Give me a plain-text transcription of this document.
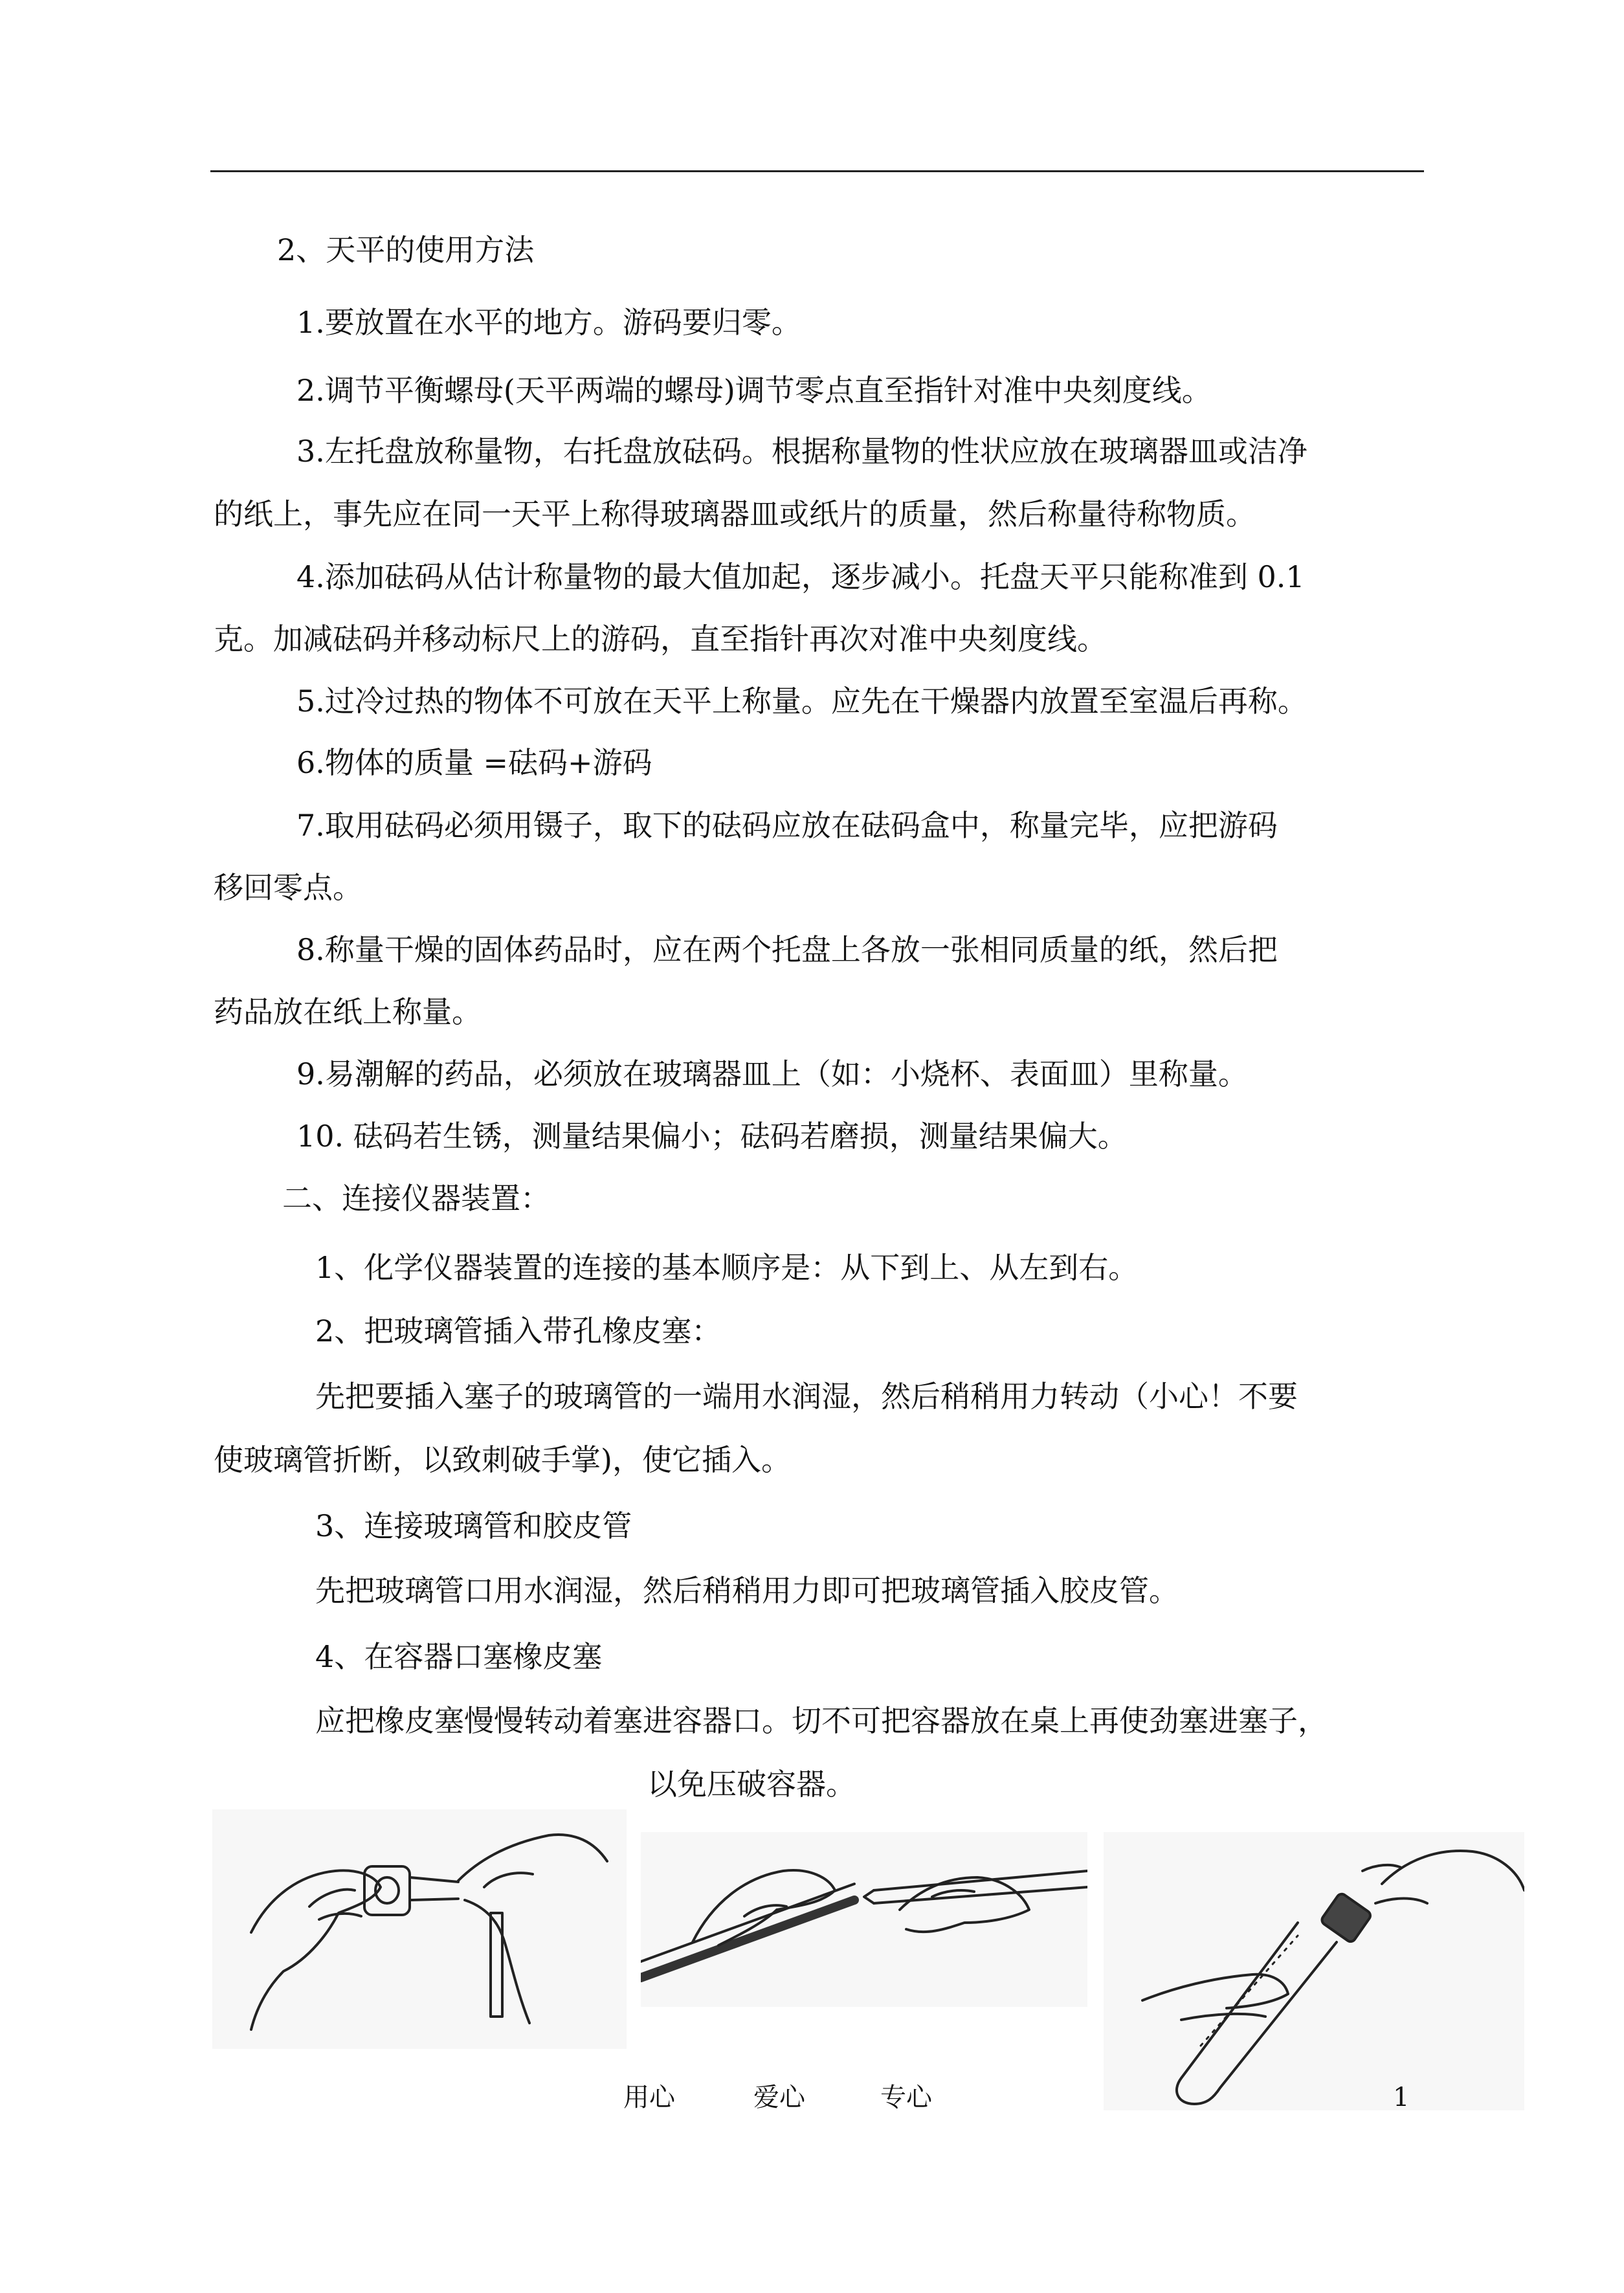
2、天平的使用方法
1.要放置在水平的地方。游码要归零。
2.调节平衡螺母(天平两端的螺母)调节零点直至指针对准中央刻度线。
3.左托盘放称量物，右托盘放砝码。根据称量物的性状应放在玻璃器皿或洁净
的纸上，事先应在同一天平上称得玻璃器皿或纸片的质量，然后称量待称物质。
4.添加砝码从估计称量物的最大值加起，逐步减小。托盘天平只能称准到 0.1
克。加减砝码并移动标尺上的游码，直至指针再次对准中央刻度线。
5.过冷过热的物体不可放在天平上称量。应先在干燥器内放置至室温后再称。
6.物体的质量 =砝码+游码
7.取用砝码必须用镊子，取下的砝码应放在砝码盒中，称量完毕，应把游码
移回零点。
8.称量干燥的固体药品时，应在两个托盘上各放一张相同质量的纸，然后把
药品放在纸上称量。
9.易潮解的药品，必须放在玻璃器皿上（如：小烧杯、表面皿）里称量。
10. 砝码若生锈，测量结果偏小；砝码若磨损，测量结果偏大。
二、连接仪器装置：
1、化学仪器装置的连接的基本顺序是：从下到上、从左到右。
2、把玻璃管插入带孔橡皮塞：
先把要插入塞子的玻璃管的一端用水润湿，然后稍稍用力转动（小心！不要
使玻璃管折断，以致刺破手掌)，使它插入。
3、连接玻璃管和胶皮管
先把玻璃管口用水润湿，然后稍稍用力即可把玻璃管插入胶皮管。
4、在容器口塞橡皮塞
应把橡皮塞慢慢转动着塞进容器口。切不可把容器放在桌上再使劲塞进塞子，
以免压破容器。
用心	爱心	专心	1
